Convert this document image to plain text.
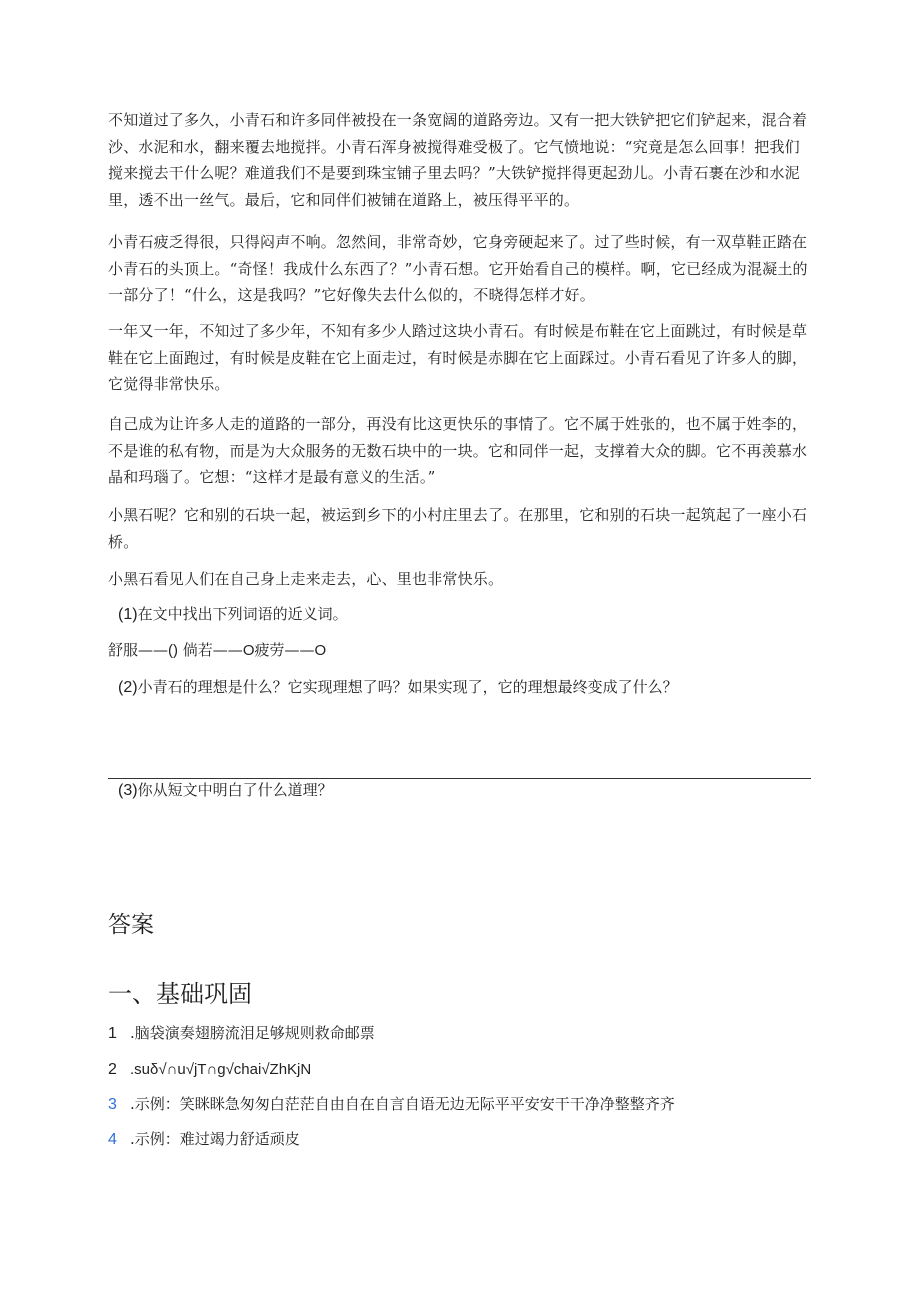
不知道过了多久，小青石和许多同伴被投在一条宽阔的道路旁边。又有一把大铁铲把它们铲起来，混合着沙、水泥和水，翻来覆去地搅拌。小青石浑身被搅得难受极了。它气愤地说：“究竟是怎么回事！把我们搅来搅去干什么呢？难道我们不是要到珠宝铺子里去吗？”大铁铲搅拌得更起劲儿。小青石裹在沙和水泥里，透不出一丝气。最后，它和同伴们被铺在道路上，被压得平平的。
小青石疲乏得很，只得闷声不响。忽然间，非常奇妙，它身旁硬起来了。过了些时候，有一双草鞋正踏在小青石的头顶上。“奇怪！我成什么东西了？”小青石想。它开始看自己的模样。啊，它已经成为混凝土的一部分了！“什么，这是我吗？”它好像失去什么似的，不晓得怎样才好。
一年又一年，不知过了多少年，不知有多少人踏过这块小青石。有时候是布鞋在它上面跳过，有时候是草鞋在它上面跑过，有时候是皮鞋在它上面走过，有时候是赤脚在它上面踩过。小青石看见了许多人的脚，它觉得非常快乐。
自己成为让许多人走的道路的一部分，再没有比这更快乐的事情了。它不属于姓张的，也不属于姓李的，不是谁的私有物，而是为大众服务的无数石块中的一块。它和同伴一起，支撑着大众的脚。它不再羡慕水晶和玛瑙了。它想：“这样才是最有意义的生活。”
小黑石呢？它和别的石块一起，被运到乡下的小村庄里去了。在那里，它和别的石块一起筑起了一座小石桥。
小黑石看见人们在自己身上走来走去，心、里也非常快乐。
(1)在文中找出下列词语的近义词。
舒服——() 倘若——O疲劳——O
(2)小青石的理想是什么？它实现理想了吗？如果实现了，它的理想最终变成了什么？
(3)你从短文中明白了什么道理？
答案
一、基础巩固
1 .脑袋演奏翅膀流泪足够规则救命邮票
2 .suδ√∩u√jT∩g√chai√ZhKjN
3 .示例：笑眯眯急匆匆白茫茫自由自在自言自语无边无际平平安安干干净净整整齐齐
4 .示例：难过竭力舒适顽皮
